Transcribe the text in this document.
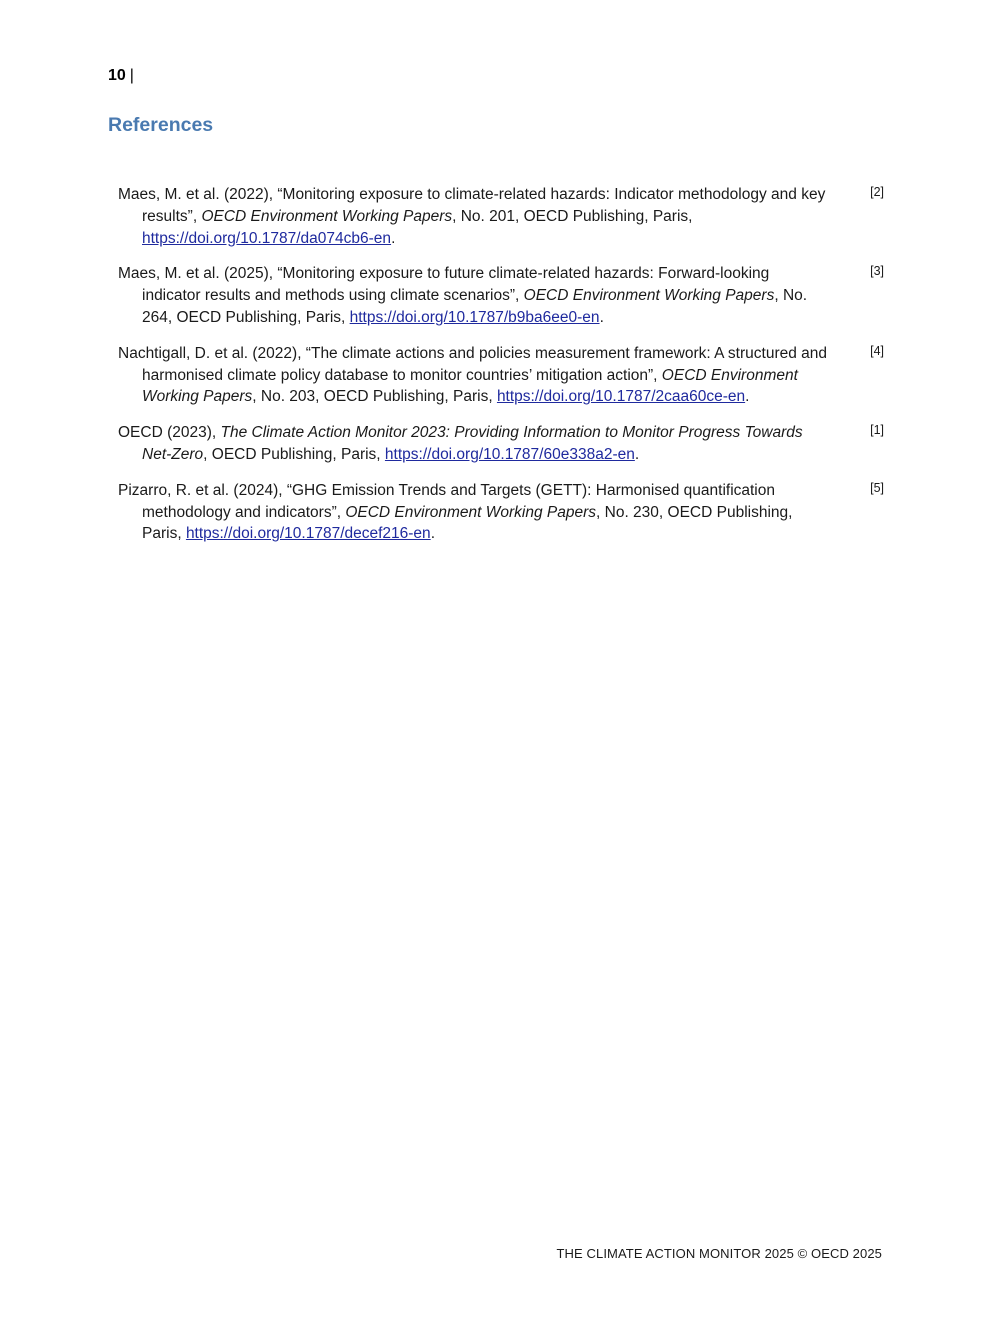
10 |
References
Maes, M. et al. (2022), “Monitoring exposure to climate-related hazards: Indicator methodology and key results”, OECD Environment Working Papers, No. 201, OECD Publishing, Paris, https://doi.org/10.1787/da074cb6-en.
[2]
Maes, M. et al. (2025), “Monitoring exposure to future climate-related hazards: Forward-looking indicator results and methods using climate scenarios”, OECD Environment Working Papers, No. 264, OECD Publishing, Paris, https://doi.org/10.1787/b9ba6ee0-en.
[3]
Nachtigall, D. et al. (2022), “The climate actions and policies measurement framework: A structured and harmonised climate policy database to monitor countries’ mitigation action”, OECD Environment Working Papers, No. 203, OECD Publishing, Paris, https://doi.org/10.1787/2caa60ce-en.
[4]
OECD (2023), The Climate Action Monitor 2023: Providing Information to Monitor Progress Towards Net-Zero, OECD Publishing, Paris, https://doi.org/10.1787/60e338a2-en.
[1]
Pizarro, R. et al. (2024), “GHG Emission Trends and Targets (GETT): Harmonised quantification methodology and indicators”, OECD Environment Working Papers, No. 230, OECD Publishing, Paris, https://doi.org/10.1787/decef216-en.
[5]
THE CLIMATE ACTION MONITOR 2025 © OECD 2025
